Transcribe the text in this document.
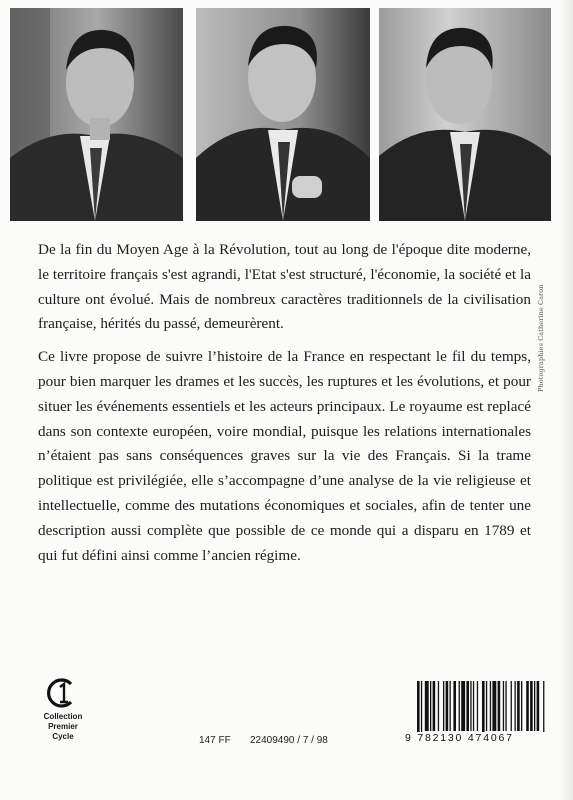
Photographies Catherine Caron

De la fin du Moyen Age à la Révolution, tout au long de l'époque dite moderne, le territoire français s'est agrandi, l'Etat s'est structuré, l'économie, la société et la culture ont évolué. Mais de nombreux caractères traditionnels de la civilisation française, hérités du passé, demeurèrent.

Ce livre propose de suivre l’histoire de la France en respectant le fil du temps, pour bien marquer les drames et les succès, les ruptures et les évolutions, et pour situer les événements essentiels et les acteurs principaux. Le royaume est replacé dans son contexte européen, voire mondial, puisque les relations internationales n’étaient pas sans conséquences graves sur la vie des Français. Si la trame politique est privilégiée, elle s’accompagne d’une analyse de la vie religieuse et intellectuelle, comme des mutations économiques et sociales, afin de tenter une description aussi complète que possible de ce monde qui a disparu en 1789 et qui fut défini ainsi comme l’ancien régime.

Collection
Premier
Cycle	147 FF 22409490 / 7 / 98	9 782130 474067
